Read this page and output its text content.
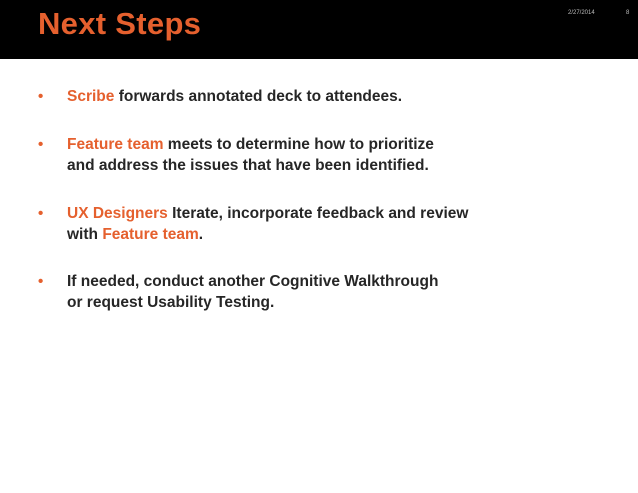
Next Steps	2/27/2014	8
• Scribe forwards annotated deck to attendees.
• Feature team meets to determine how to prioritize
and address the issues that have been identified.
• UX Designers Iterate, incorporate feedback and review
with Feature team.
• If needed, conduct another Cognitive Walkthrough
or request Usability Testing.
